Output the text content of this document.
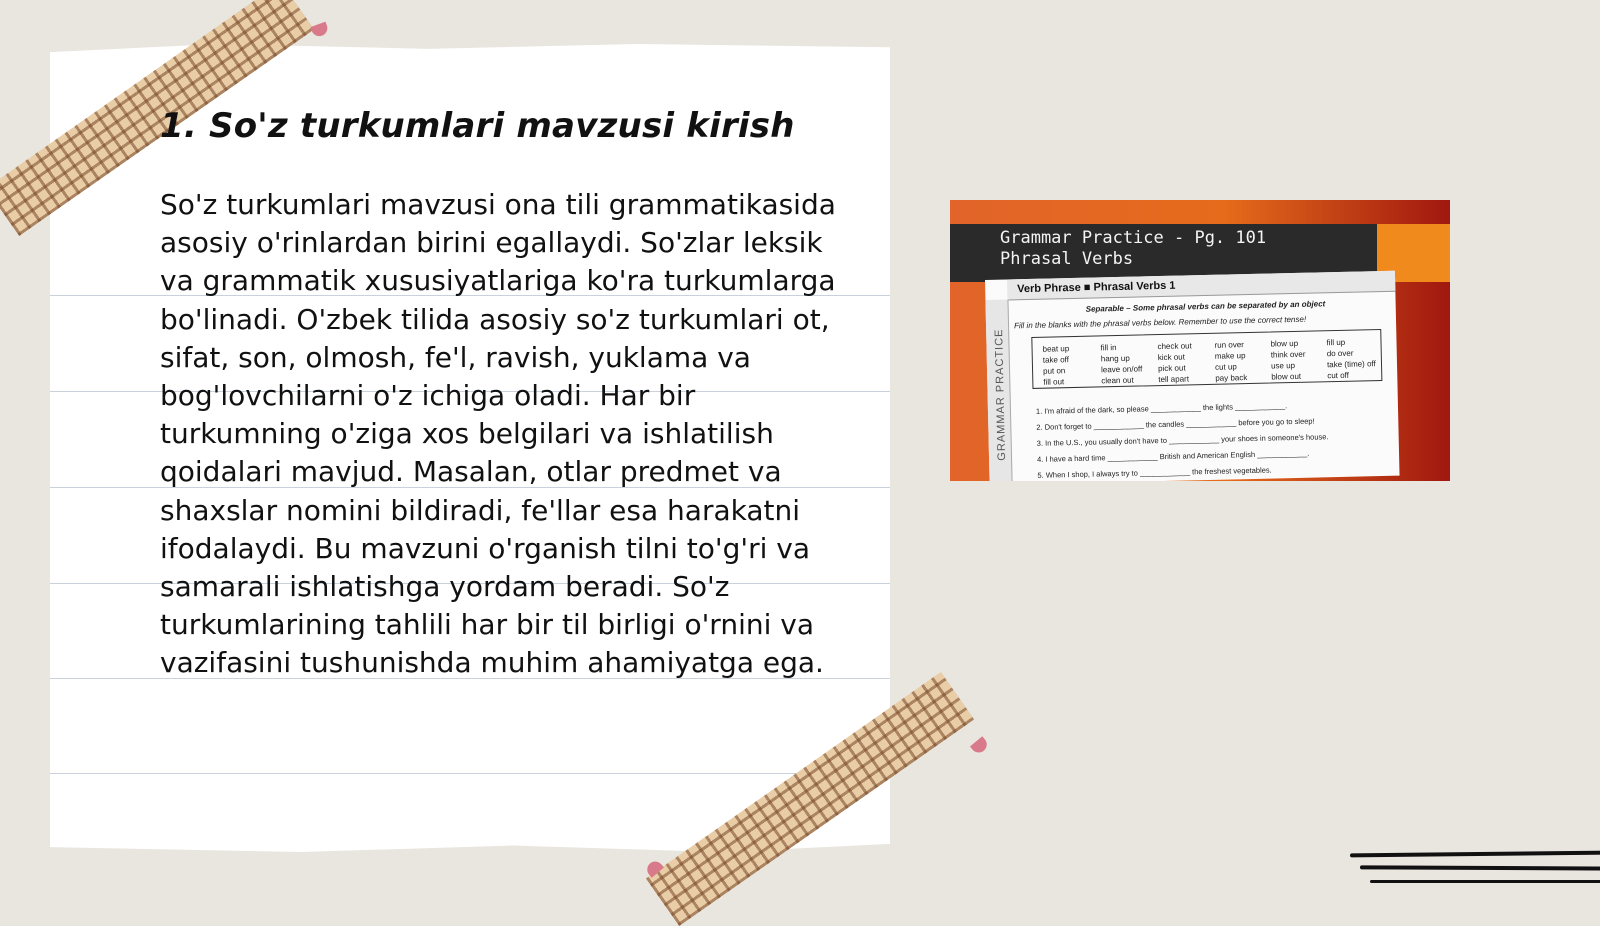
1. So'z turkumlari mavzusi kirish

So'z turkumlari mavzusi ona tili grammatikasida asosiy o'rinlardan birini egallaydi. So'zlar leksik va grammatik xususiyatlariga ko'ra turkumlarga bo'linadi. O'zbek tilida asosiy so'z turkumlari ot, sifat, son, olmosh, fe'l, ravish, yuklama va bog'lovchilarni o'z ichiga oladi. Har bir turkumning o'ziga xos belgilari va ishlatilish qoidalari mavjud. Masalan, otlar predmet va shaxslar nomini bildiradi, fe'llar esa harakatni ifodalaydi. Bu mavzuni o'rganish tilni to'g'ri va samarali ishlatishga yordam beradi. So'z turkumlarining tahlili har bir til birligi o'rnini va vazifasini tushunishda muhim ahamiyatga ega.

Grammar Practice - Pg. 101
Phrasal Verbs
Verb Phrase ■ Phrasal Verbs 1
GRAMMAR PRACTICE
Separable – Some phrasal verbs can be separated by an object
Fill in the blanks with the phrasal verbs below. Remember to use the correct tense!
beat up
take off
put on
fill out
fill in
hang up
leave on/off
clean out
check out
kick out
pick out
tell apart
run over
make up
cut up
pay back
blow up
think over
use up
blow out
fill up
do over
take (time) off
cut off
1. I'm afraid of the dark, so please ____________ the lights ____________.
2. Don't forget to ____________ the candles ____________ before you go to sleep!
3. In the U.S., you usually don't have to ____________ your shoes in someone's house.
4. I have a hard time ____________ British and American English ____________.
5. When I shop, I always try to ____________ the freshest vegetables.
